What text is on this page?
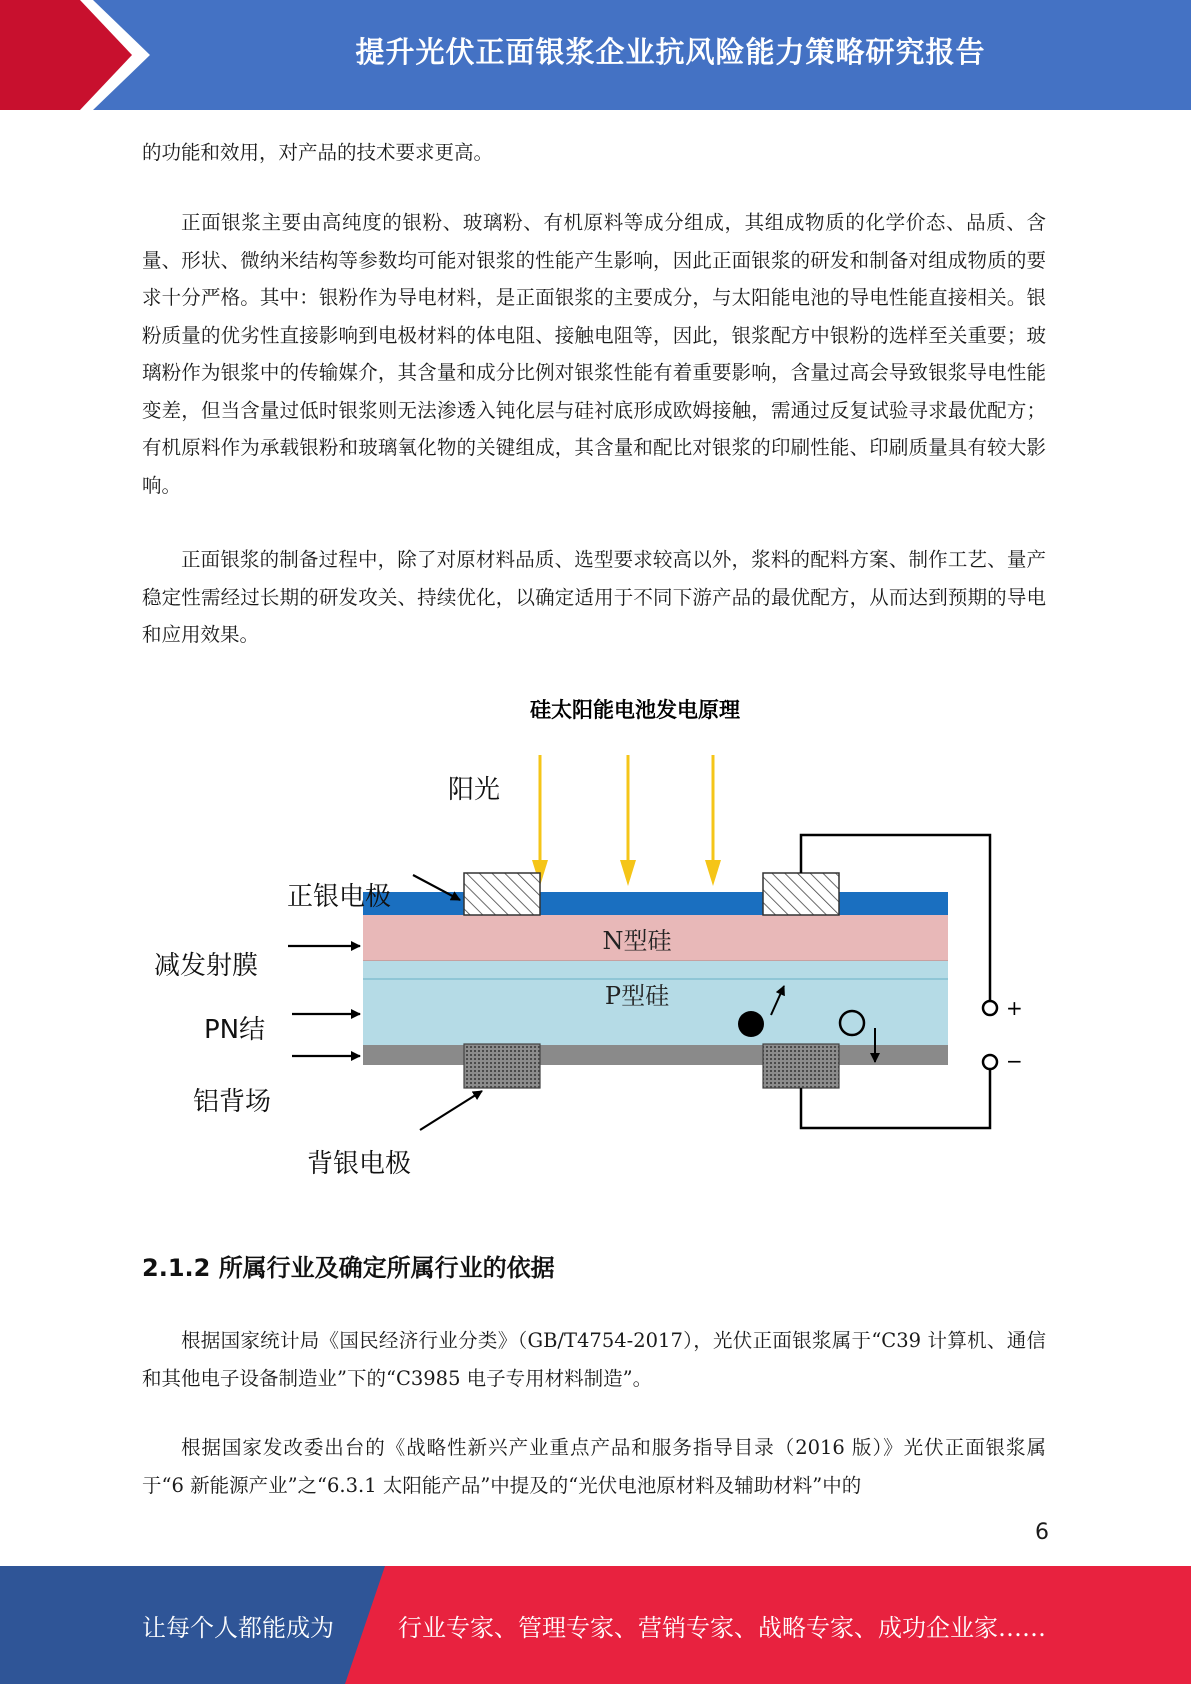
提升光伏正面银浆企业抗风险能力策略研究报告

的功能和效用，对产品的技术要求更高。

正面银浆主要由高纯度的银粉、玻璃粉、有机原料等成分组成，其组成物质的化学价态、品质、含量、形状、微纳米结构等参数均可能对银浆的性能产生影响，因此正面银浆的研发和制备对组成物质的要求十分严格。其中：银粉作为导电材料，是正面银浆的主要成分，与太阳能电池的导电性能直接相关。银粉质量的优劣性直接影响到电极材料的体电阻、接触电阻等，因此，银浆配方中银粉的选样至关重要；玻璃粉作为银浆中的传输媒介，其含量和成分比例对银浆性能有着重要影响，含量过高会导致银浆导电性能变差，但当含量过低时银浆则无法渗透入钝化层与硅衬底形成欧姆接触，需通过反复试验寻求最优配方；有机原料作为承载银粉和玻璃氧化物的关键组成，其含量和配比对银浆的印刷性能、印刷质量具有较大影响。

正面银浆的制备过程中，除了对原材料品质、选型要求较高以外，浆料的配料方案、制作工艺、量产稳定性需经过长期的研发攻关、持续优化，以确定适用于不同下游产品的最优配方，从而达到预期的导电和应用效果。

硅太阳能电池发电原理
阳光
N型硅
P型硅	+
−
正银电极
减发射膜
PN结
铝背场
背银电极
2.1.2 所属行业及确定所属行业的依据

根据国家统计局《国民经济行业分类》（GB/T4754-2017），光伏正面银浆属于“C39 计算机、通信和其他电子设备制造业”下的“C3985 电子专用材料制造”。

根据国家发改委出台的《战略性新兴产业重点产品和服务指导目录（2016 版）》光伏正面银浆属于“6 新能源产业”之“6.3.1 太阳能产品”中提及的“光伏电池原材料及辅助材料”中的

6
让每个人都能成为	行业专家、管理专家、营销专家、战略专家、成功企业家……
